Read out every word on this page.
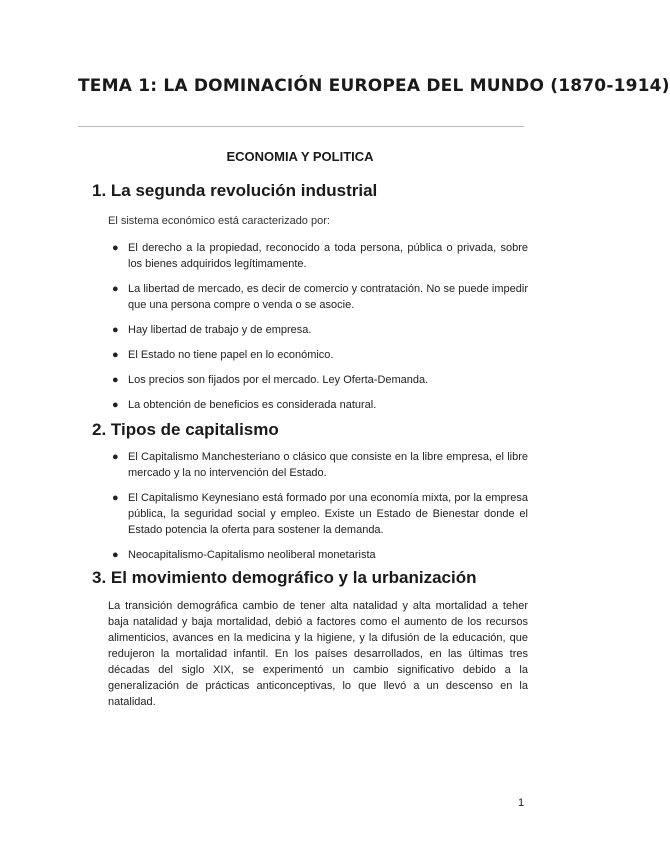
TEMA 1: LA DOMINACIÓN EUROPEA DEL MUNDO (1870-1914)
ECONOMIA Y POLITICA
1. La segunda revolución industrial
El sistema económico está caracterizado por:
● El derecho a la propiedad, reconocido a toda persona, pública o privada, sobre los bienes adquiridos legítimamente.
● La libertad de mercado, es decir de comercio y contratación. No se puede impedir que una persona compre o venda o se asocie.
● Hay libertad de trabajo y de empresa.
● El Estado no tiene papel en lo económico.
● Los precios son fijados por el mercado. Ley Oferta-Demanda.
● La obtención de beneficios es considerada natural.
2. Tipos de capitalismo
● El Capitalismo Manchesteriano o clásico que consiste en la libre empresa, el libre mercado y la no intervención del Estado.
● El Capitalismo Keynesiano está formado por una economía mixta, por la empresa pública, la seguridad social y empleo. Existe un Estado de Bienestar donde el Estado potencia la oferta para sostener la demanda.
● Neocapitalismo-Capitalismo neoliberal monetarista
3. El movimiento demográfico y la urbanización

La transición demográfica cambio de tener alta natalidad y alta mortalidad a teher baja natalidad y baja mortalidad, debió a factores como el aumento de los recursos alimenticios, avances en la medicina y la higiene, y la difusión de la educación, que redujeron la mortalidad infantil. En los países desarrollados, en las últimas tres décadas del siglo XIX, se experimentó un cambio significativo debido a la generalización de prácticas anticonceptivas, lo que llevó a un descenso en la natalidad.

1
